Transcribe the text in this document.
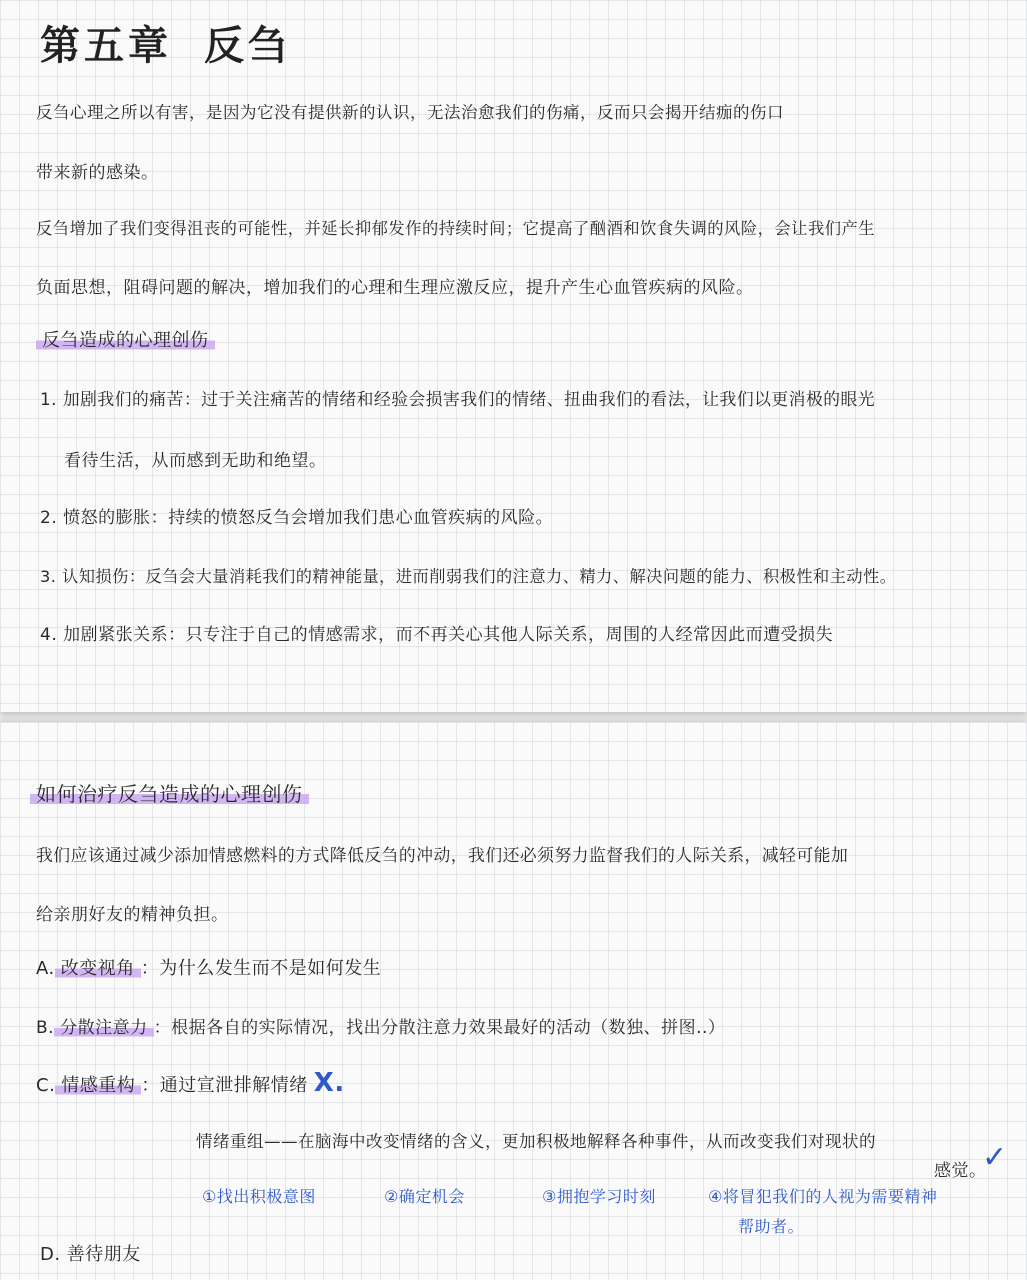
第五章 反刍
反刍心理之所以有害，是因为它没有提供新的认识，无法治愈我们的伤痛，反而只会揭开结痂的伤口
带来新的感染。
反刍增加了我们变得沮丧的可能性，并延长抑郁发作的持续时间；它提高了酗酒和饮食失调的风险，会让我们产生
负面思想，阻碍问题的解决，增加我们的心理和生理应激反应，提升产生心血管疾病的风险。
反刍造成的心理创伤
1. 加剧我们的痛苦：过于关注痛苦的情绪和经验会损害我们的情绪、扭曲我们的看法，让我们以更消极的眼光
看待生活，从而感到无助和绝望。
2. 愤怒的膨胀：持续的愤怒反刍会增加我们患心血管疾病的风险。
3. 认知损伤：反刍会大量消耗我们的精神能量，进而削弱我们的注意力、精力、解决问题的能力、积极性和主动性。
4. 加剧紧张关系：只专注于自己的情感需求，而不再关心其他人际关系，周围的人经常因此而遭受损失
如何治疗反刍造成的心理创伤
我们应该通过减少添加情感燃料的方式降低反刍的冲动，我们还必须努力监督我们的人际关系，减轻可能加
给亲朋好友的精神负担。
A. 改变视角 ：为什么发生而不是如何发生
B. 分散注意力 ：根据各自的实际情况，找出分散注意力效果最好的活动（数独、拼图..）
C. 情感重构 ：通过宣泄排解情绪 X.
情绪重组——在脑海中改变情绪的含义，更加积极地解释各种事件，从而改变我们对现状的
感觉。
✓
①找出积极意图	②确定机会	③拥抱学习时刻	④将冒犯我们的人视为需要精神
帮助者。
D. 善待朋友
